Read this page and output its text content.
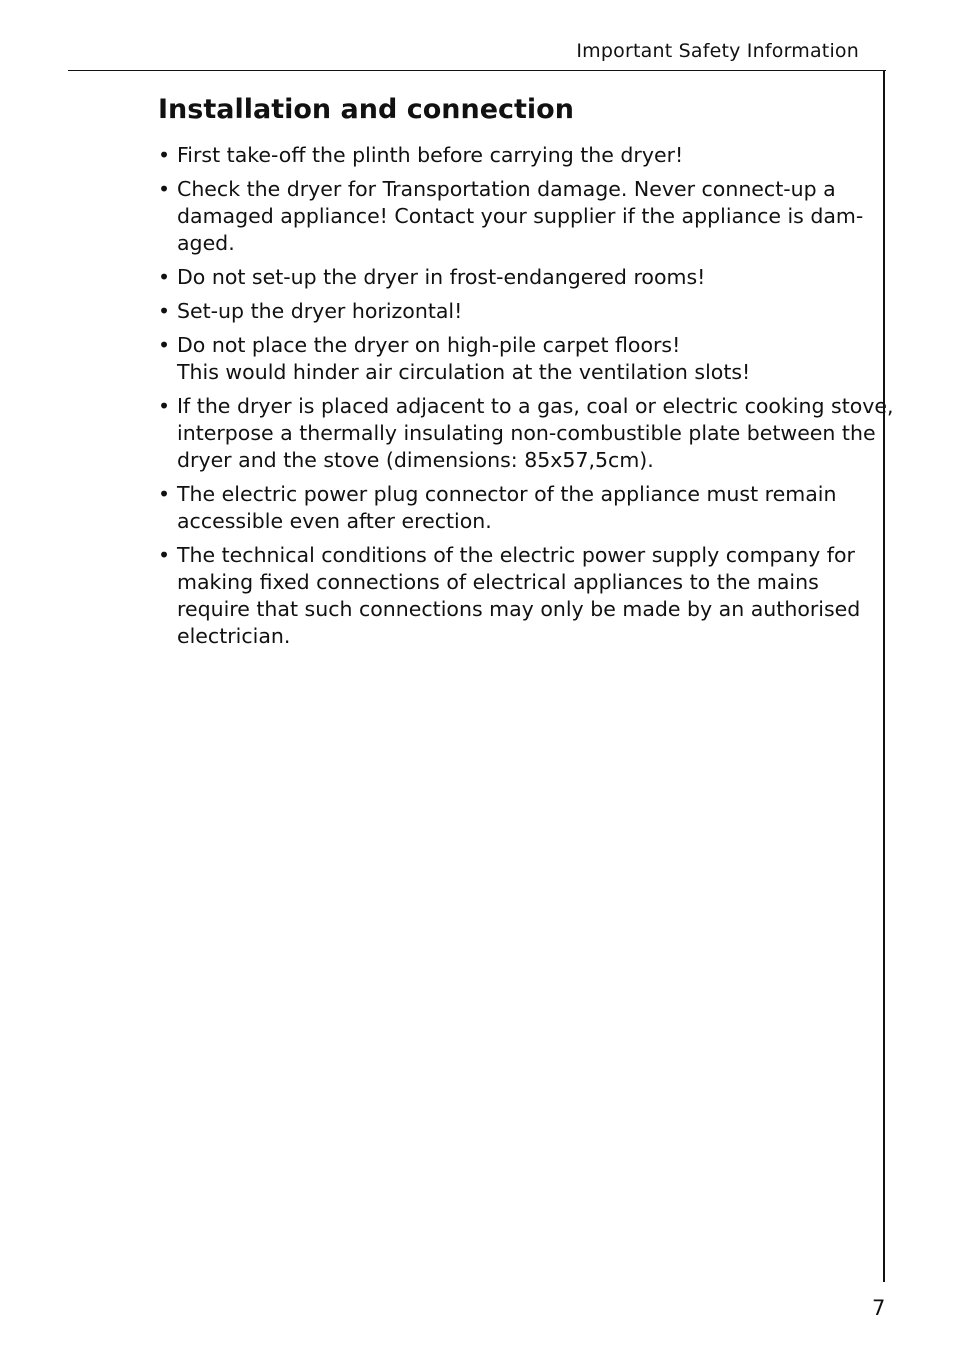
Important Safety Information
Installation and connection
• First take-off the plinth before carrying the dryer!
• Check the dryer for Transportation damage. Never connect-up a
damaged appliance! Contact your supplier if the appliance is dam-
aged.
• Do not set-up the dryer in frost-endangered rooms!
• Set-up the dryer horizontal!
• Do not place the dryer on high-pile carpet floors!
This would hinder air circulation at the ventilation slots!
• If the dryer is placed adjacent to a gas, coal or electric cooking stove,
interpose a thermally insulating non-combustible plate between the
dryer and the stove (dimensions: 85x57,5cm).
• The electric power plug connector of the appliance must remain
accessible even after erection.
• The technical conditions of the electric power supply company for
making fixed connections of electrical appliances to the mains
require that such connections may only be made by an authorised
electrician.
7
